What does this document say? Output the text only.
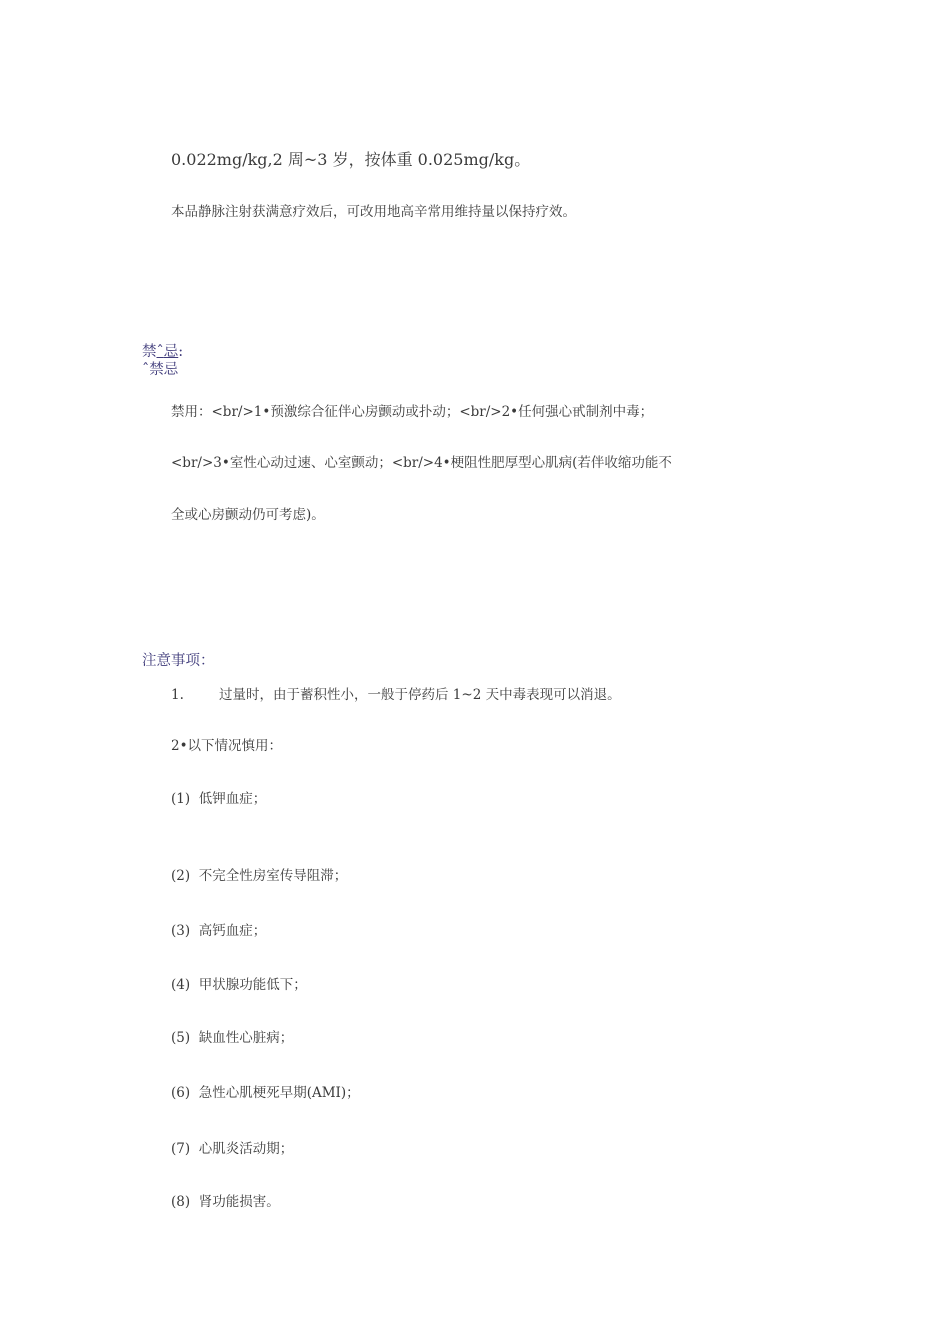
0.022mg/kg,2 周~3 岁，按体重 0.025mg/kg。
本品静脉注射获满意疗效后，可改用地高辛常用维持量以保持疗效。
禁ˆ忌:
ˆ禁忌
禁用：<br/>1•预激综合征伴心房颤动或扑动；<br/>2•任何强心甙制剂中毒；
<br/>3•室性心动过速、心室颤动；<br/>4•梗阻性肥厚型心肌病(若伴收缩功能不
全或心房颤动仍可考虑)。
注意事项：
1.	过量时，由于蓄积性小，一般于停药后 1~2 天中毒表现可以消退。
2•以下情况慎用：
(1) 低钾血症；
(2) 不完全性房室传导阻滞；
(3) 高钙血症；
(4) 甲状腺功能低下；
(5) 缺血性心脏病；
(6) 急性心肌梗死早期(AMI)；
(7) 心肌炎活动期；
(8) 肾功能损害。
